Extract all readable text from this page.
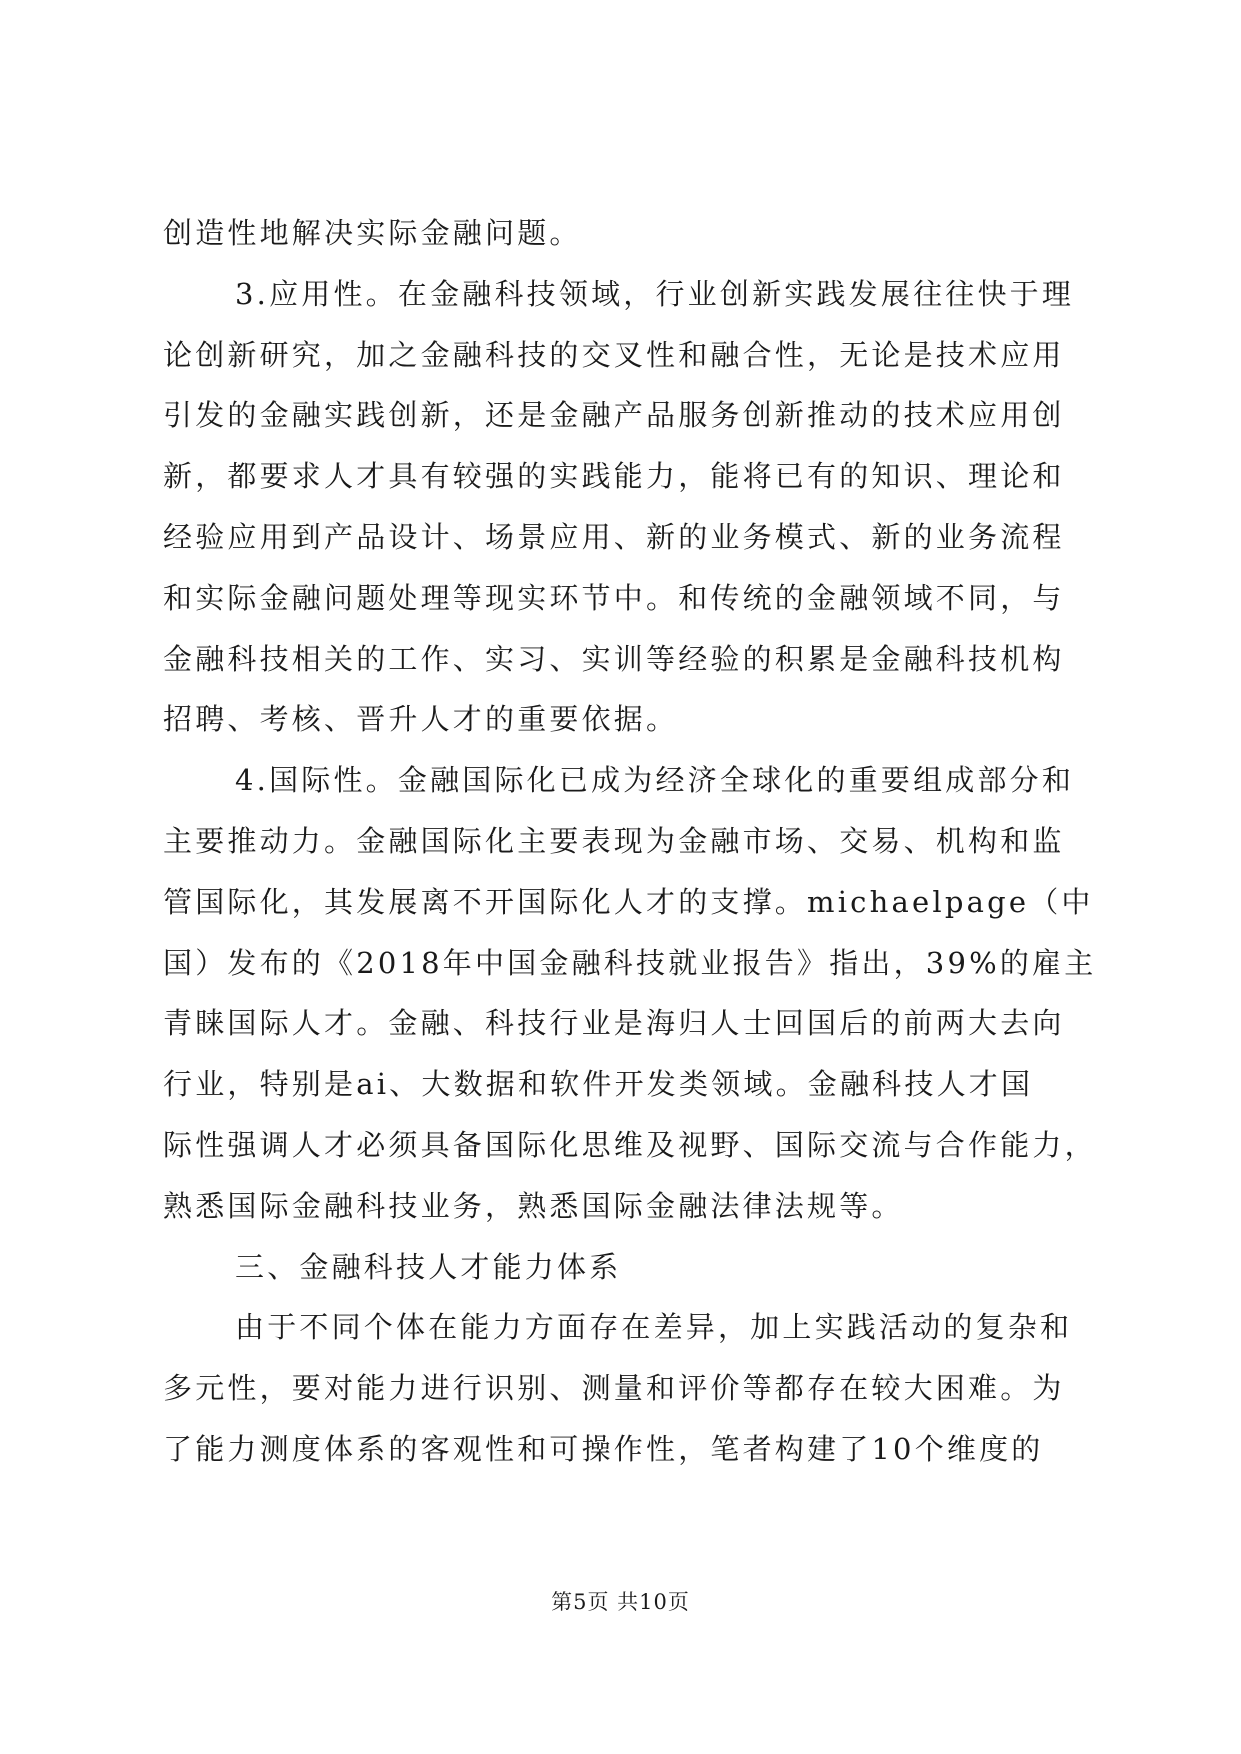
创造性地解决实际金融问题。
3.应用性。在金融科技领域，行业创新实践发展往往快于理
论创新研究，加之金融科技的交叉性和融合性，无论是技术应用
引发的金融实践创新，还是金融产品服务创新推动的技术应用创
新，都要求人才具有较强的实践能力，能将已有的知识、理论和
经验应用到产品设计、场景应用、新的业务模式、新的业务流程
和实际金融问题处理等现实环节中。和传统的金融领域不同，与
金融科技相关的工作、实习、实训等经验的积累是金融科技机构
招聘、考核、晋升人才的重要依据。
4.国际性。金融国际化已成为经济全球化的重要组成部分和
主要推动力。金融国际化主要表现为金融市场、交易、机构和监
管国际化，其发展离不开国际化人才的支撑。michaelpage（中
国）发布的《2018年中国金融科技就业报告》指出，39%的雇主
青睐国际人才。金融、科技行业是海归人士回国后的前两大去向
行业，特别是ai、大数据和软件开发类领域。金融科技人才国
际性强调人才必须具备国际化思维及视野、国际交流与合作能力，
熟悉国际金融科技业务，熟悉国际金融法律法规等。
三、金融科技人才能力体系
由于不同个体在能力方面存在差异，加上实践活动的复杂和
多元性，要对能力进行识别、测量和评价等都存在较大困难。为
了能力测度体系的客观性和可操作性，笔者构建了10个维度的
第5页 共10页
